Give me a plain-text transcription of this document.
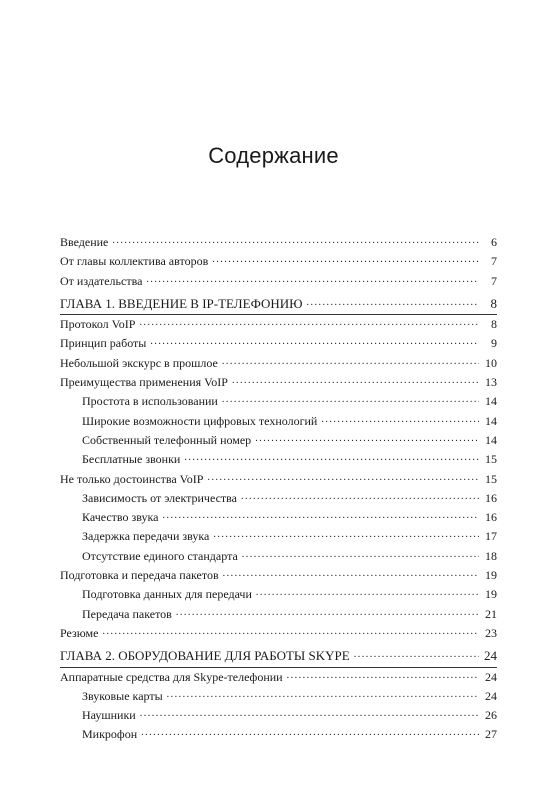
Содержание
Введение . . .	6
От главы коллектива авторов . . .	7
От издательства . . .	7
ГЛАВА 1. ВВЕДЕНИЕ В IP-ТЕЛЕФОНИЮ . . .	8
Протокол VoIP . . .	8
Принцип работы . . .	9
Небольшой экскурс в прошлое . . .	10
Преимущества применения VoIP . . .	13
Простота в использовании . . .	14
Широкие возможности цифровых технологий . . .	14
Собственный телефонный номер . . .	14
Бесплатные звонки . . .	15
Не только достоинства VoIP . . .	15
Зависимость от электричества . . .	16
Качество звука . . .	16
Задержка передачи звука . . .	17
Отсутствие единого стандарта . . .	18
Подготовка и передача пакетов . . .	19
Подготовка данных для передачи . . .	19
Передача пакетов . . .	21
Резюме . . .	23
ГЛАВА 2. ОБОРУДОВАНИЕ ДЛЯ РАБОТЫ SKYPE . . .	24
Аппаратные средства для Skype-телефонии . . .	24
Звуковые карты . . .	24
Наушники . . .	26
Микрофон . . .	27
